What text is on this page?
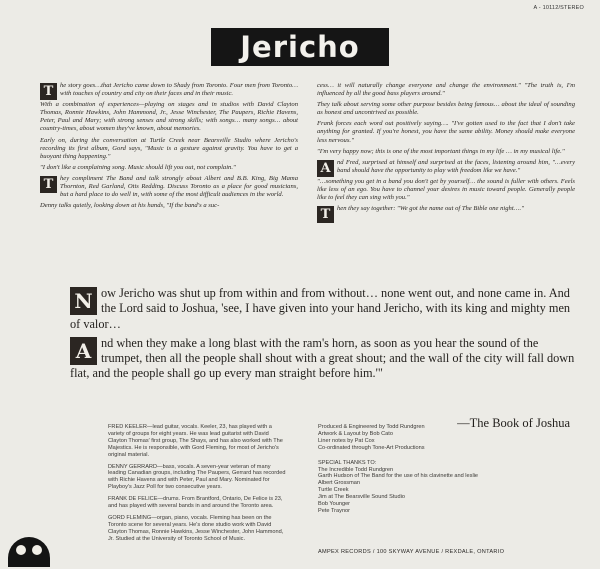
A - 10112/STEREO
Jericho

T	he story goes…that Jericho came down to Shady from Toronto. Four men from Toronto…with touches of country and city on their faces and in their music.

With a combination of experiences—playing on stages and in studios with David Clayton Thomas, Ronnie Hawkins, John Hammond, Jr., Jesse Winchester, The Paupers, Richie Havens, Peter, Paul and Mary; with strong senses and strong skills; with songs… many songs… about country-times, about women they've known, about memories.

Early on, during the conversation at Turtle Creek near Bearsville Studio where Jericho's recording its first album, Gord says, "Music is a gesture against gravity. You have to get a buoyant thing happening."

"I don't like a complaining song. Music should lift you out, not complain."

T	hey compliment The Band and talk strongly about Albert and B.B. King, Big Mama Thornton, Red Garland, Otis Redding. Discuss Toronto as a place for good musicians, but a hard place to do well in, with some of the most difficult audiences in the world.

Denny talks quietly, looking down at his hands, "If the band's a suc-

cess… it will naturally change everyone and change the environment." "The truth is, I'm influenced by all the good bass players around."

They talk about serving some other purpose besides being famous… about the ideal of sounding as honest and uncontrived as possible.

Frank forces each word out positively saying…. "I've gotten used to the fact that I don't take anything for granted. If you're honest, you have the same ability. Money should make everyone less nervous."

"I'm very happy now; this is one of the most important things in my life … in my musical life."

A nd Fred, surprised at himself and surprised at the faces, listening around him, "…every band should have the opportunity to play with freedom like we have."

"…something you get in a band you don't get by yourself… the sound is fuller with others. Feels like less of an ego. You have to channel your desires in music toward people. Generally people like to feel they can sing with you."

T	hen they say together: "We got the name out of The Bible one night…."

N ow Jericho was shut up from within and from without… none went out, and none came in. And the Lord said to Joshua, 'see, I have given into your hand Jericho, with its king and mighty men of valor…

A nd when they make a long blast with the ram's horn, as soon as you hear the sound of the trumpet, then all the people shall shout with a great shout; and the wall of the city will fall down flat, and the people shall go up every man straight before him.'"

—The Book of Joshua

FRED KEELER—lead guitar, vocals. Keeler, 23, has played with a variety of groups for eight years. He was lead guitarist with David Clayton Thomas' first group, The Shays, and has also worked with The Majestics. He is responsible, with Gord Fleming, for most of Jericho's original material.

DENNY GERRARD—bass, vocals. A seven-year veteran of many leading Canadian groups, including The Paupers, Gerrard has recorded with Richie Havens and with Peter, Paul and Mary. Nominated for Playboy's Jazz Poll for two consecutive years.

FRANK DE FELICE—drums. From Brantford, Ontario, De Felice is 23, and has played with several bands in and around the Toronto area.

GORD FLEMING—organ, piano, vocals. Fleming has been on the Toronto scene for several years. He's done studio work with David Clayton Thomas, Ronnie Hawkins, Jesse Winchester, John Hammond, Jr. Studied at the University of Toronto School of Music.

Produced & Engineered by Todd Rundgren
Artwork & Layout by Bob Cato
Liner notes by Pat Cox
Co-ordinated through Tone-Art Productions
SPECIAL THANKS TO:
The Incredible Todd Rundgren
Garth Hudson of The Band for the use of his clavinette and leslie
Albert Grossman
Turtle Creek
Jim at The Bearsville Sound Studio
Bob Younger
Pete Traynor
AMPEX RECORDS / 100 SKYWAY AVENUE / REXDALE, ONTARIO
